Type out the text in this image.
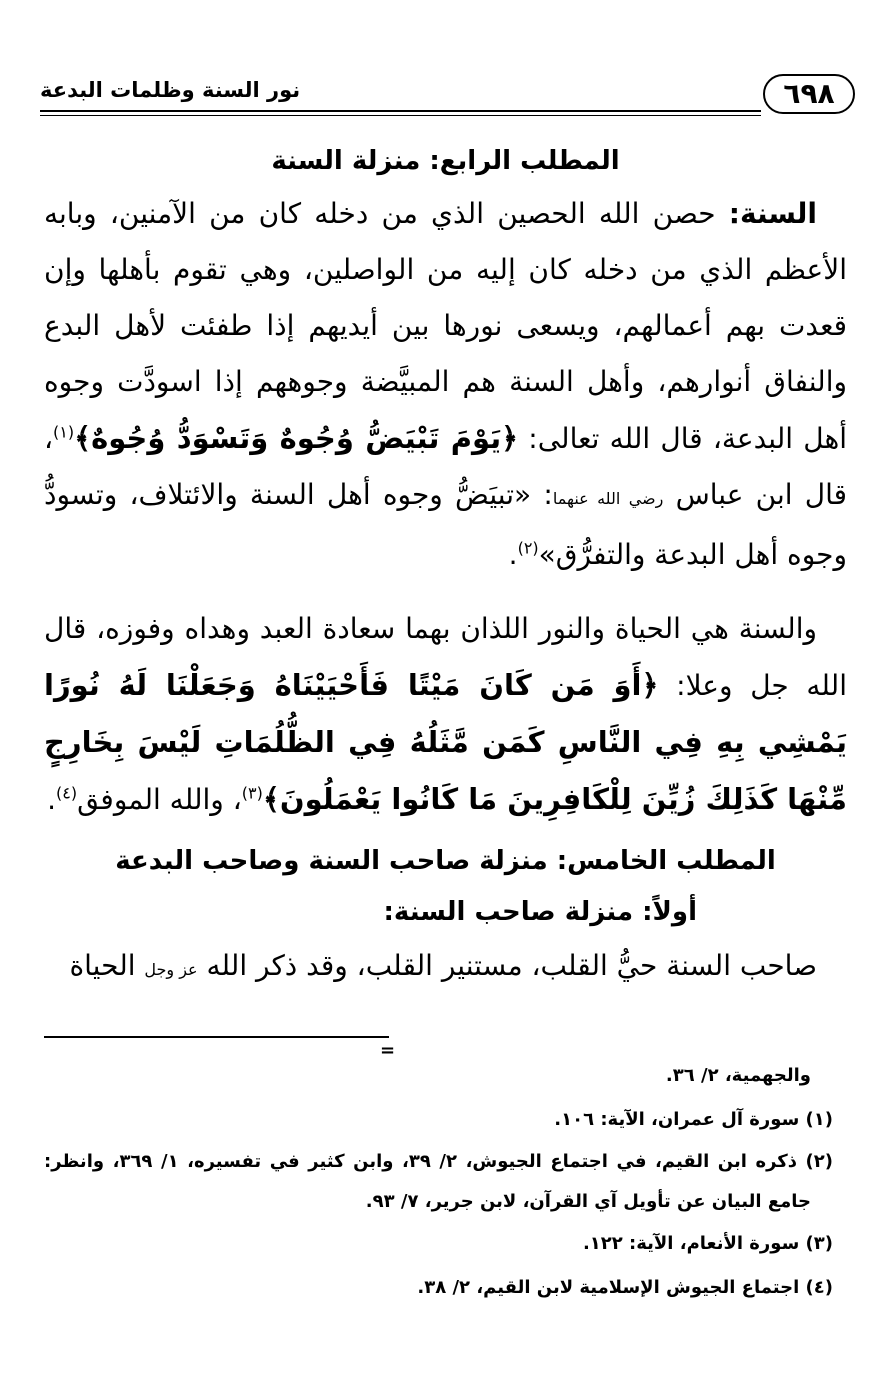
٦٩٨
نور السنة وظلمات البدعة

المطلب الرابع: منزلة السنة

السنة: حصن الله الحصين الذي من دخله كان من الآمنين، وبابه الأعظم الذي من دخله كان إليه من الواصلين، وهي تقوم بأهلها وإن قعدت بهم أعمالهم، ويسعى نورها بين أيديهم إذا طفئت لأهل البدع والنفاق أنوارهم، وأهل السنة هم المبيَّضة وجوههم إذا اسودَّت وجوه أهل البدعة، قال الله تعالى: ﴿يَوْمَ تَبْيَضُّ وُجُوهٌ وَتَسْوَدُّ وُجُوهٌ﴾$^{(١)}$، قال ابن عباس رضي الله عنهما: «تبيَضُّ وجوه أهل السنة والائتلاف، وتسودُّ وجوه أهل البدعة والتفرُّق»$^{(٢)}$.

والسنة هي الحياة والنور اللذان بهما سعادة العبد وهداه وفوزه، قال الله جل وعلا: ﴿أَوَ مَن كَانَ مَيْتًا فَأَحْيَيْنَاهُ وَجَعَلْنَا لَهُ نُورًا يَمْشِي بِهِ فِي النَّاسِ كَمَن مَّثَلُهُ فِي الظُّلُمَاتِ لَيْسَ بِخَارِجٍ مِّنْهَا كَذَلِكَ زُيِّنَ لِلْكَافِرِينَ مَا كَانُوا يَعْمَلُونَ﴾$^{(٣)}$، والله الموفق$^{(٤)}$.

المطلب الخامس: منزلة صاحب السنة وصاحب البدعة

أولاً: منزلة صاحب السنة:

صاحب السنة حيُّ القلب، مستنير القلب، وقد ذكر الله عز وجل الحياة

=

والجهمية، ٢/ ٣٦.

(١) سورة آل عمران، الآية: ١٠٦.

(٢) ذكره ابن القيم، في اجتماع الجيوش، ٢/ ٣٩، وابن كثير في تفسيره، ١/ ٣٦٩، وانظر: جامع البيان عن تأويل آي القرآن، لابن جرير، ٧/ ٩٣.

(٣) سورة الأنعام، الآية: ١٢٢.

(٤) اجتماع الجيوش الإسلامية لابن القيم، ٢/ ٣٨.
